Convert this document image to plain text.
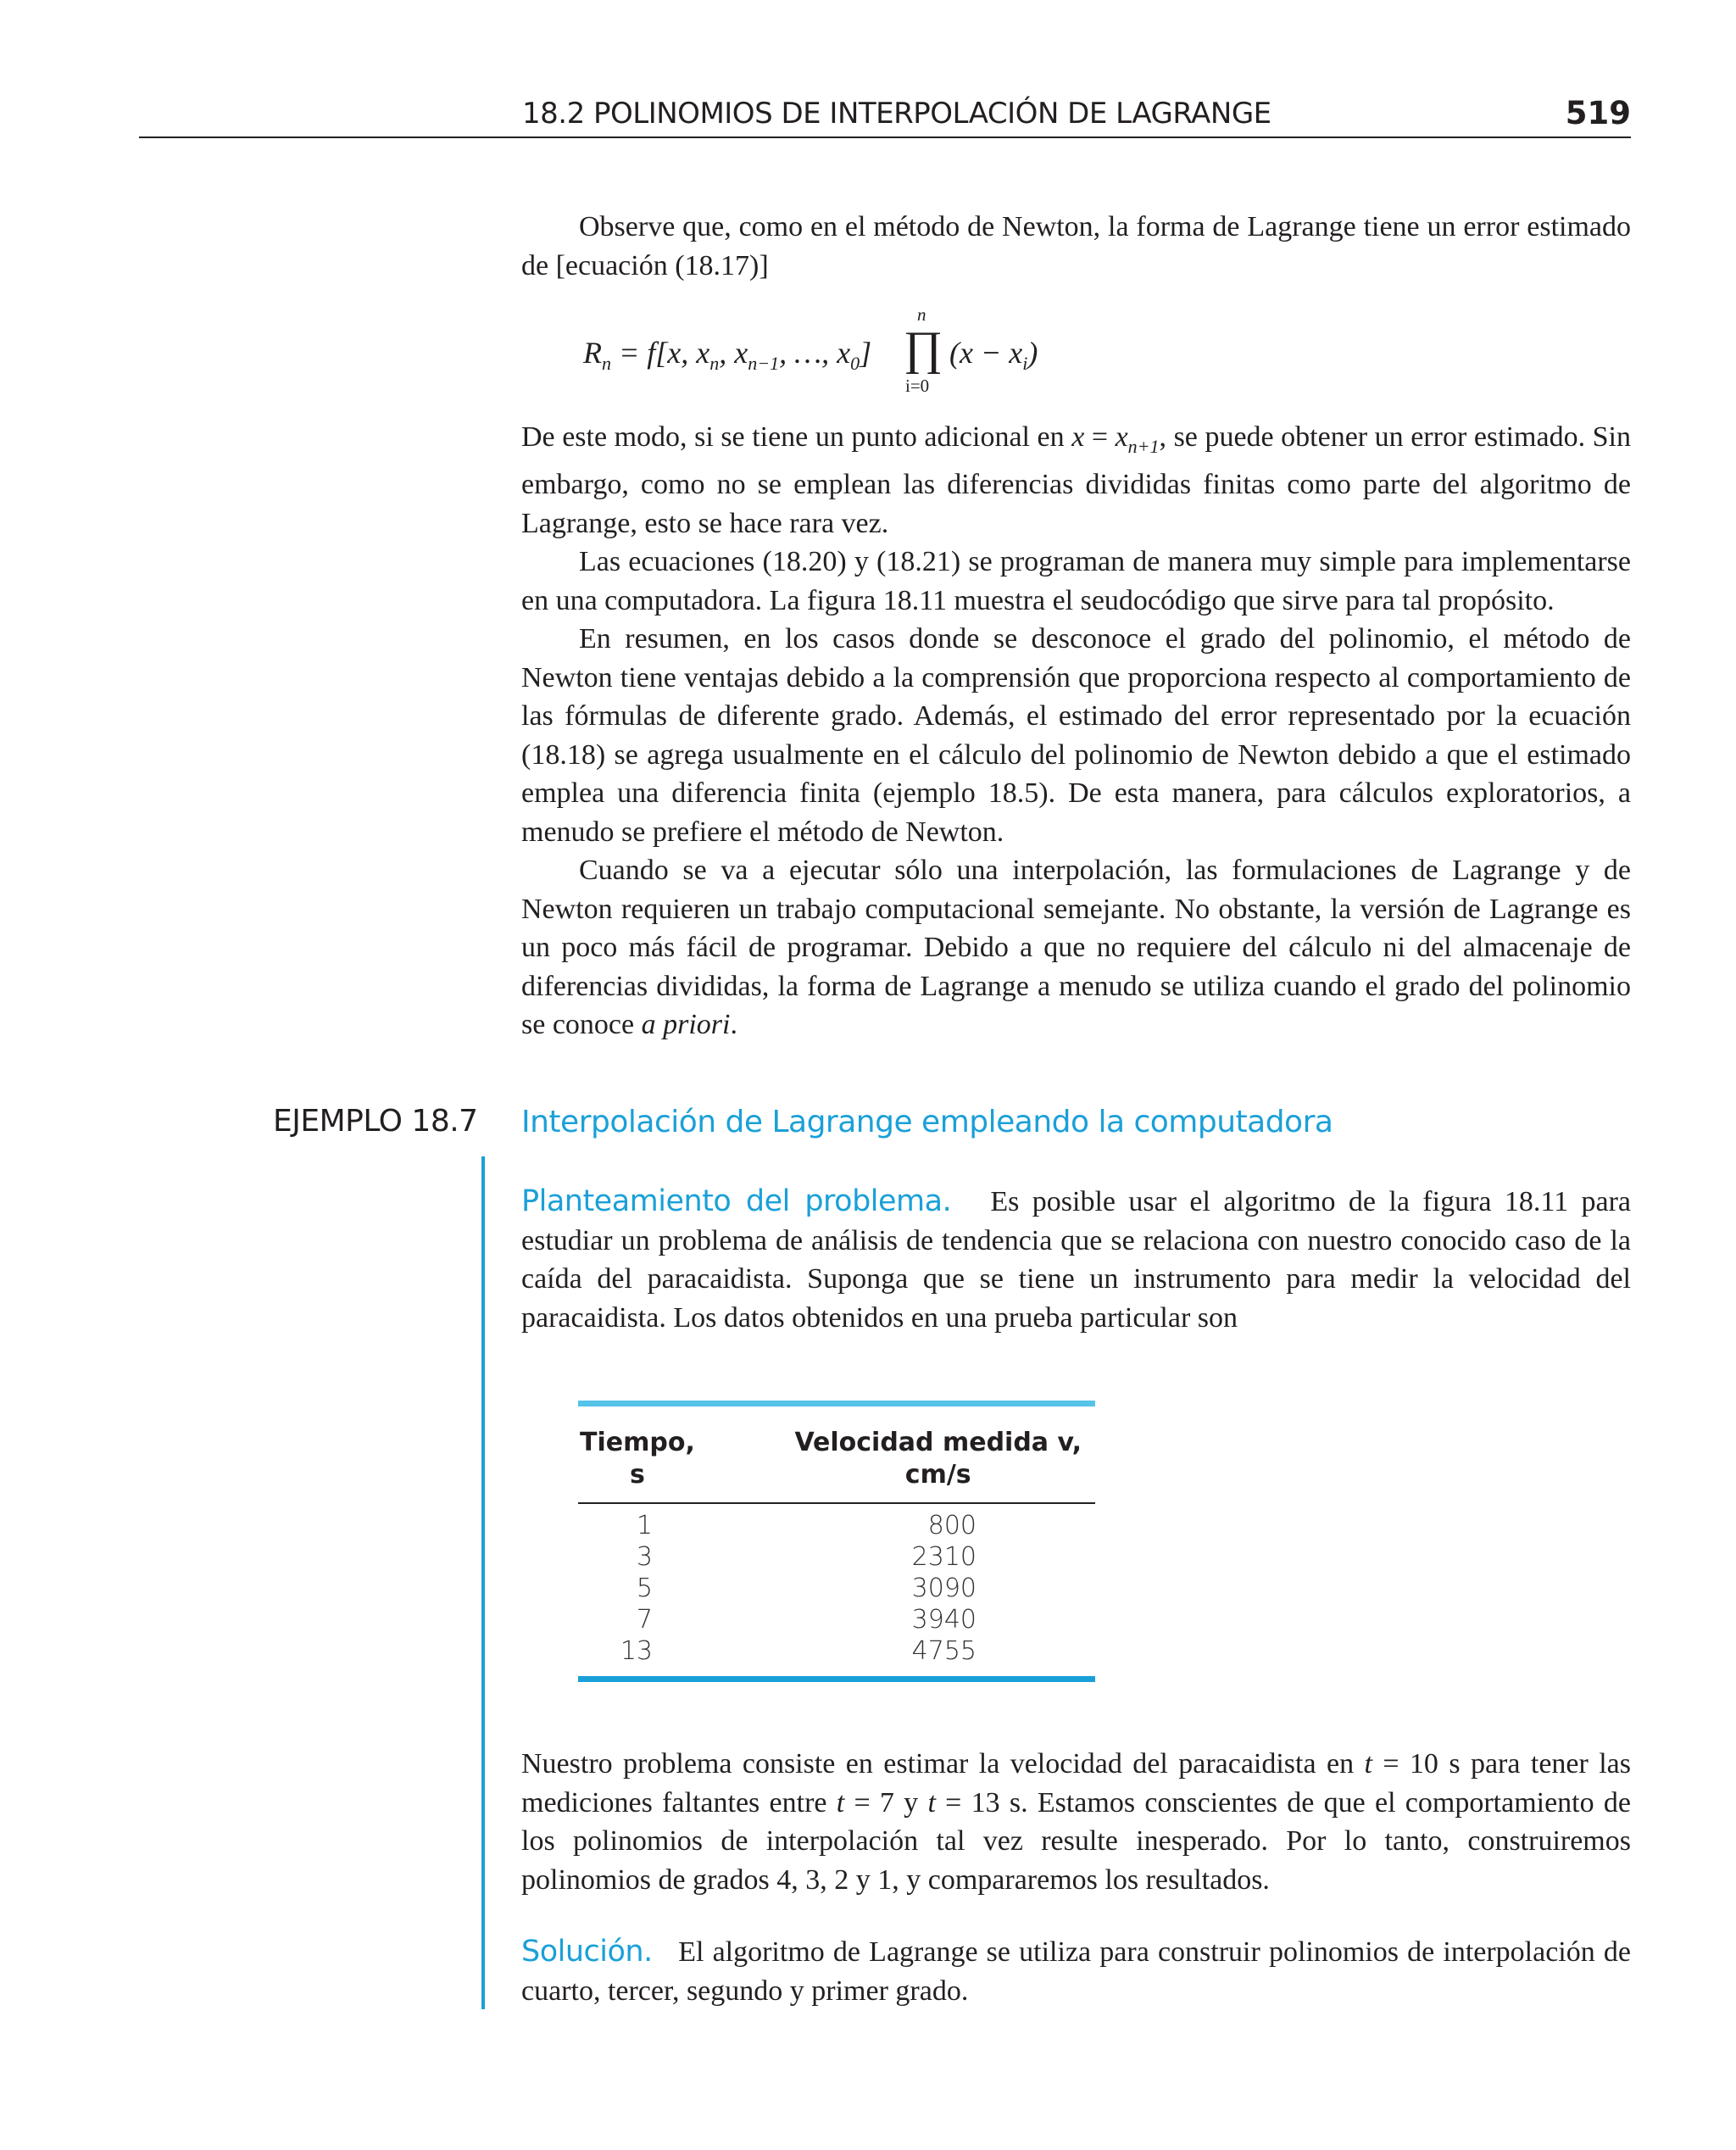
18.2 POLINOMIOS DE INTERPOLACIÓN DE LAGRANGE	519

Observe que, como en el método de Newton, la forma de Lagrange tiene un error estimado de [ecuación (18.17)]

$R_n = f[x$, $x_n$, $x_{n-1}$, …, $x_0$]
n
∏
i=0
$(x - x_i)$

De este modo, si se tiene un punto adicional en $x = x_{n+1}$, se puede obtener un error estimado. Sin embargo, como no se emplean las diferencias divididas finitas como parte del algoritmo de Lagrange, esto se hace rara vez.

Las ecuaciones (18.20) y (18.21) se programan de manera muy simple para implementarse en una computadora. La figura 18.11 muestra el seudocódigo que sirve para tal propósito.

En resumen, en los casos donde se desconoce el grado del polinomio, el método de Newton tiene ventajas debido a la comprensión que proporciona respecto al comportamiento de las fórmulas de diferente grado. Además, el estimado del error representado por la ecuación (18.18) se agrega usualmente en el cálculo del polinomio de Newton debido a que el estimado emplea una diferencia finita (ejemplo 18.5). De esta manera, para cálculos exploratorios, a menudo se prefiere el método de Newton.

Cuando se va a ejecutar sólo una interpolación, las formulaciones de Lagrange y de Newton requieren un trabajo computacional semejante. No obstante, la versión de Lagrange es un poco más fácil de programar. Debido a que no requiere del cálculo ni del almacenaje de diferencias divididas, la forma de Lagrange a menudo se utiliza cuando el grado del polinomio se conoce a priori.

EJEMPLO 18.7 Interpolación de Lagrange empleando la computadora

Planteamiento del problema. Es posible usar el algoritmo de la figura 18.11 para estudiar un problema de análisis de tendencia que se relaciona con nuestro conocido caso de la caída del paracaidista. Suponga que se tiene un instrumento para medir la velocidad del paracaidista. Los datos obtenidos en una prueba particular son

Tiempo,
s
Velocidad medida v,
cm/s
1	800
3	2310
5	3090
7	3940
13	4755

Nuestro problema consiste en estimar la velocidad del paracaidista en t = 10 s para tener las mediciones faltantes entre t = 7 y t = 13 s. Estamos conscientes de que el comportamiento de los polinomios de interpolación tal vez resulte inesperado. Por lo tanto, construiremos polinomios de grados 4, 3, 2 y 1, y compararemos los resultados.

Solución. El algoritmo de Lagrange se utiliza para construir polinomios de interpolación de cuarto, tercer, segundo y primer grado.
